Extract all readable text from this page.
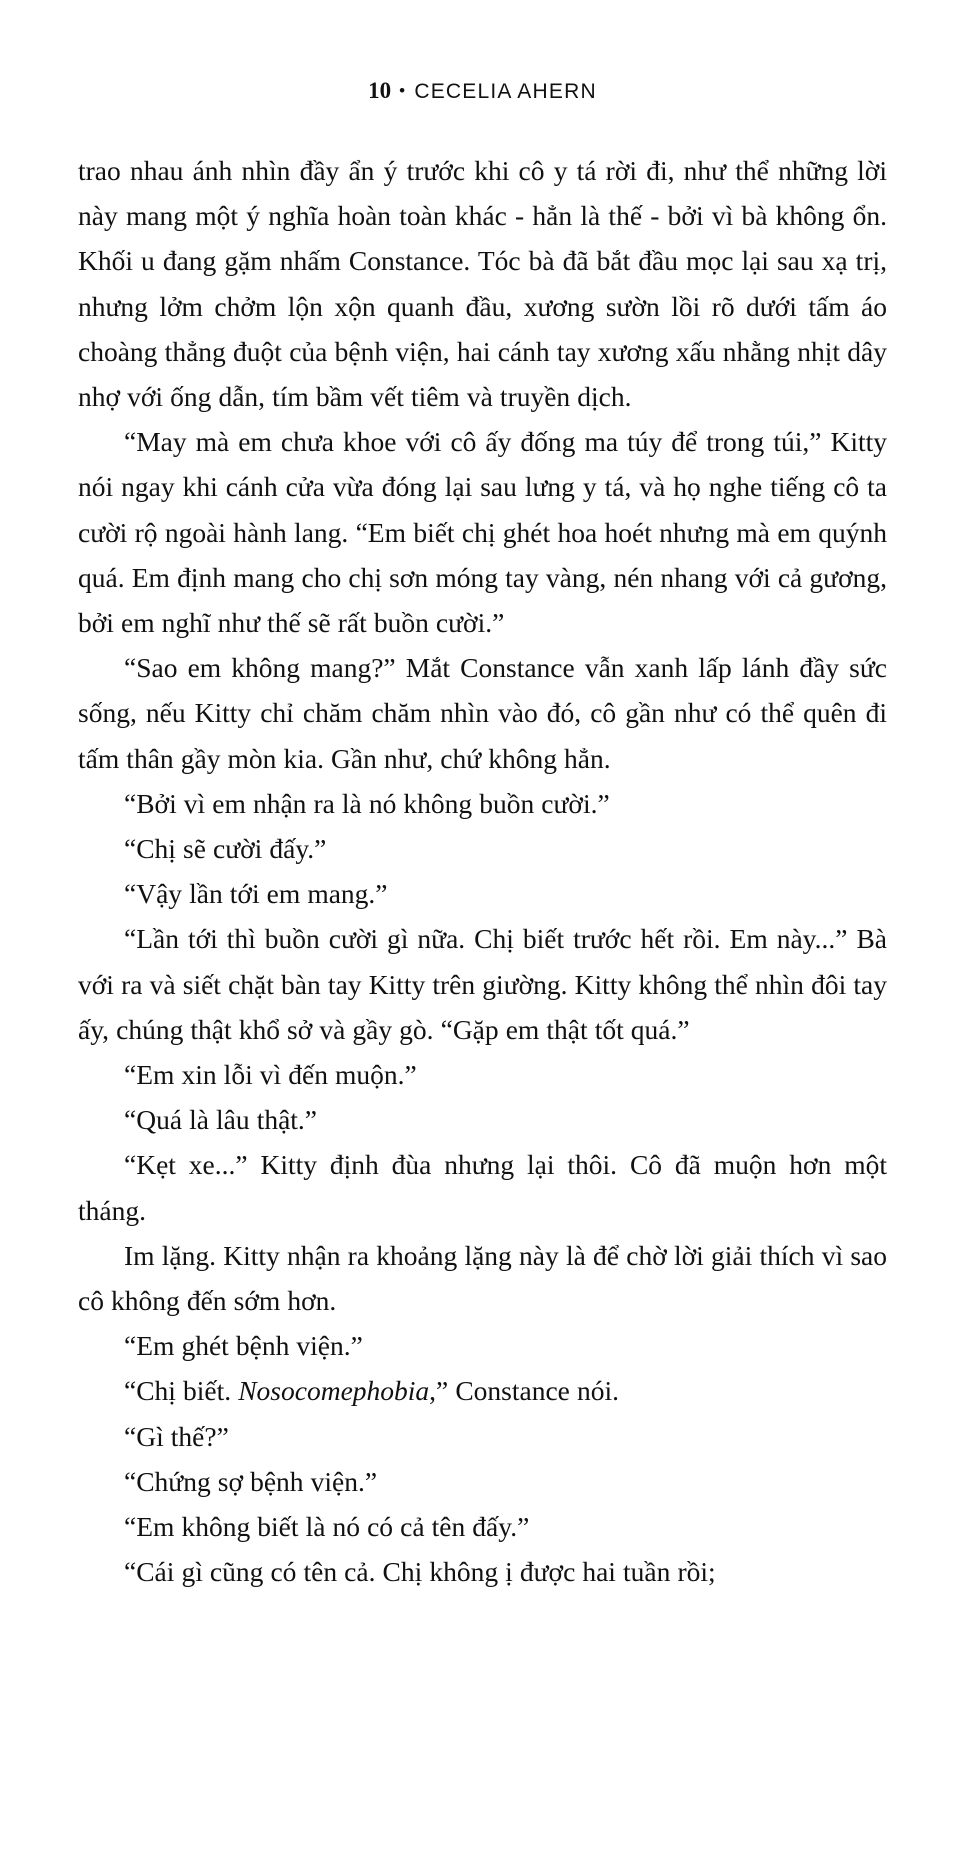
10 • CECELIA AHERN

trao nhau ánh nhìn đầy ẩn ý trước khi cô y tá rời đi, như thể những lời này mang một ý nghĩa hoàn toàn khác - hẳn là thế - bởi vì bà không ổn. Khối u đang gặm nhấm Constance. Tóc bà đã bắt đầu mọc lại sau xạ trị, nhưng lởm chởm lộn xộn quanh đầu, xương sườn lồi rõ dưới tấm áo choàng thẳng đuột của bệnh viện, hai cánh tay xương xấu nhằng nhịt dây nhợ với ống dẫn, tím bầm vết tiêm và truyền dịch.

“May mà em chưa khoe với cô ấy đống ma túy để trong túi,” Kitty nói ngay khi cánh cửa vừa đóng lại sau lưng y tá, và họ nghe tiếng cô ta cười rộ ngoài hành lang. “Em biết chị ghét hoa hoét nhưng mà em quýnh quá. Em định mang cho chị sơn móng tay vàng, nén nhang với cả gương, bởi em nghĩ như thế sẽ rất buồn cười.”

“Sao em không mang?” Mắt Constance vẫn xanh lấp lánh đầy sức sống, nếu Kitty chỉ chăm chăm nhìn vào đó, cô gần như có thể quên đi tấm thân gầy mòn kia. Gần như, chứ không hẳn.

“Bởi vì em nhận ra là nó không buồn cười.”

“Chị sẽ cười đấy.”

“Vậy lần tới em mang.”

“Lần tới thì buồn cười gì nữa. Chị biết trước hết rồi. Em này...” Bà với ra và siết chặt bàn tay Kitty trên giường. Kitty không thể nhìn đôi tay ấy, chúng thật khổ sở và gầy gò. “Gặp em thật tốt quá.”

“Em xin lỗi vì đến muộn.”

“Quá là lâu thật.”

“Kẹt xe...” Kitty định đùa nhưng lại thôi. Cô đã muộn hơn một tháng.

Im lặng. Kitty nhận ra khoảng lặng này là để chờ lời giải thích vì sao cô không đến sớm hơn.

“Em ghét bệnh viện.”

“Chị biết. Nosocomephobia,” Constance nói.

“Gì thế?”

“Chứng sợ bệnh viện.”

“Em không biết là nó có cả tên đấy.”

“Cái gì cũng có tên cả. Chị không ị được hai tuần rồi;
